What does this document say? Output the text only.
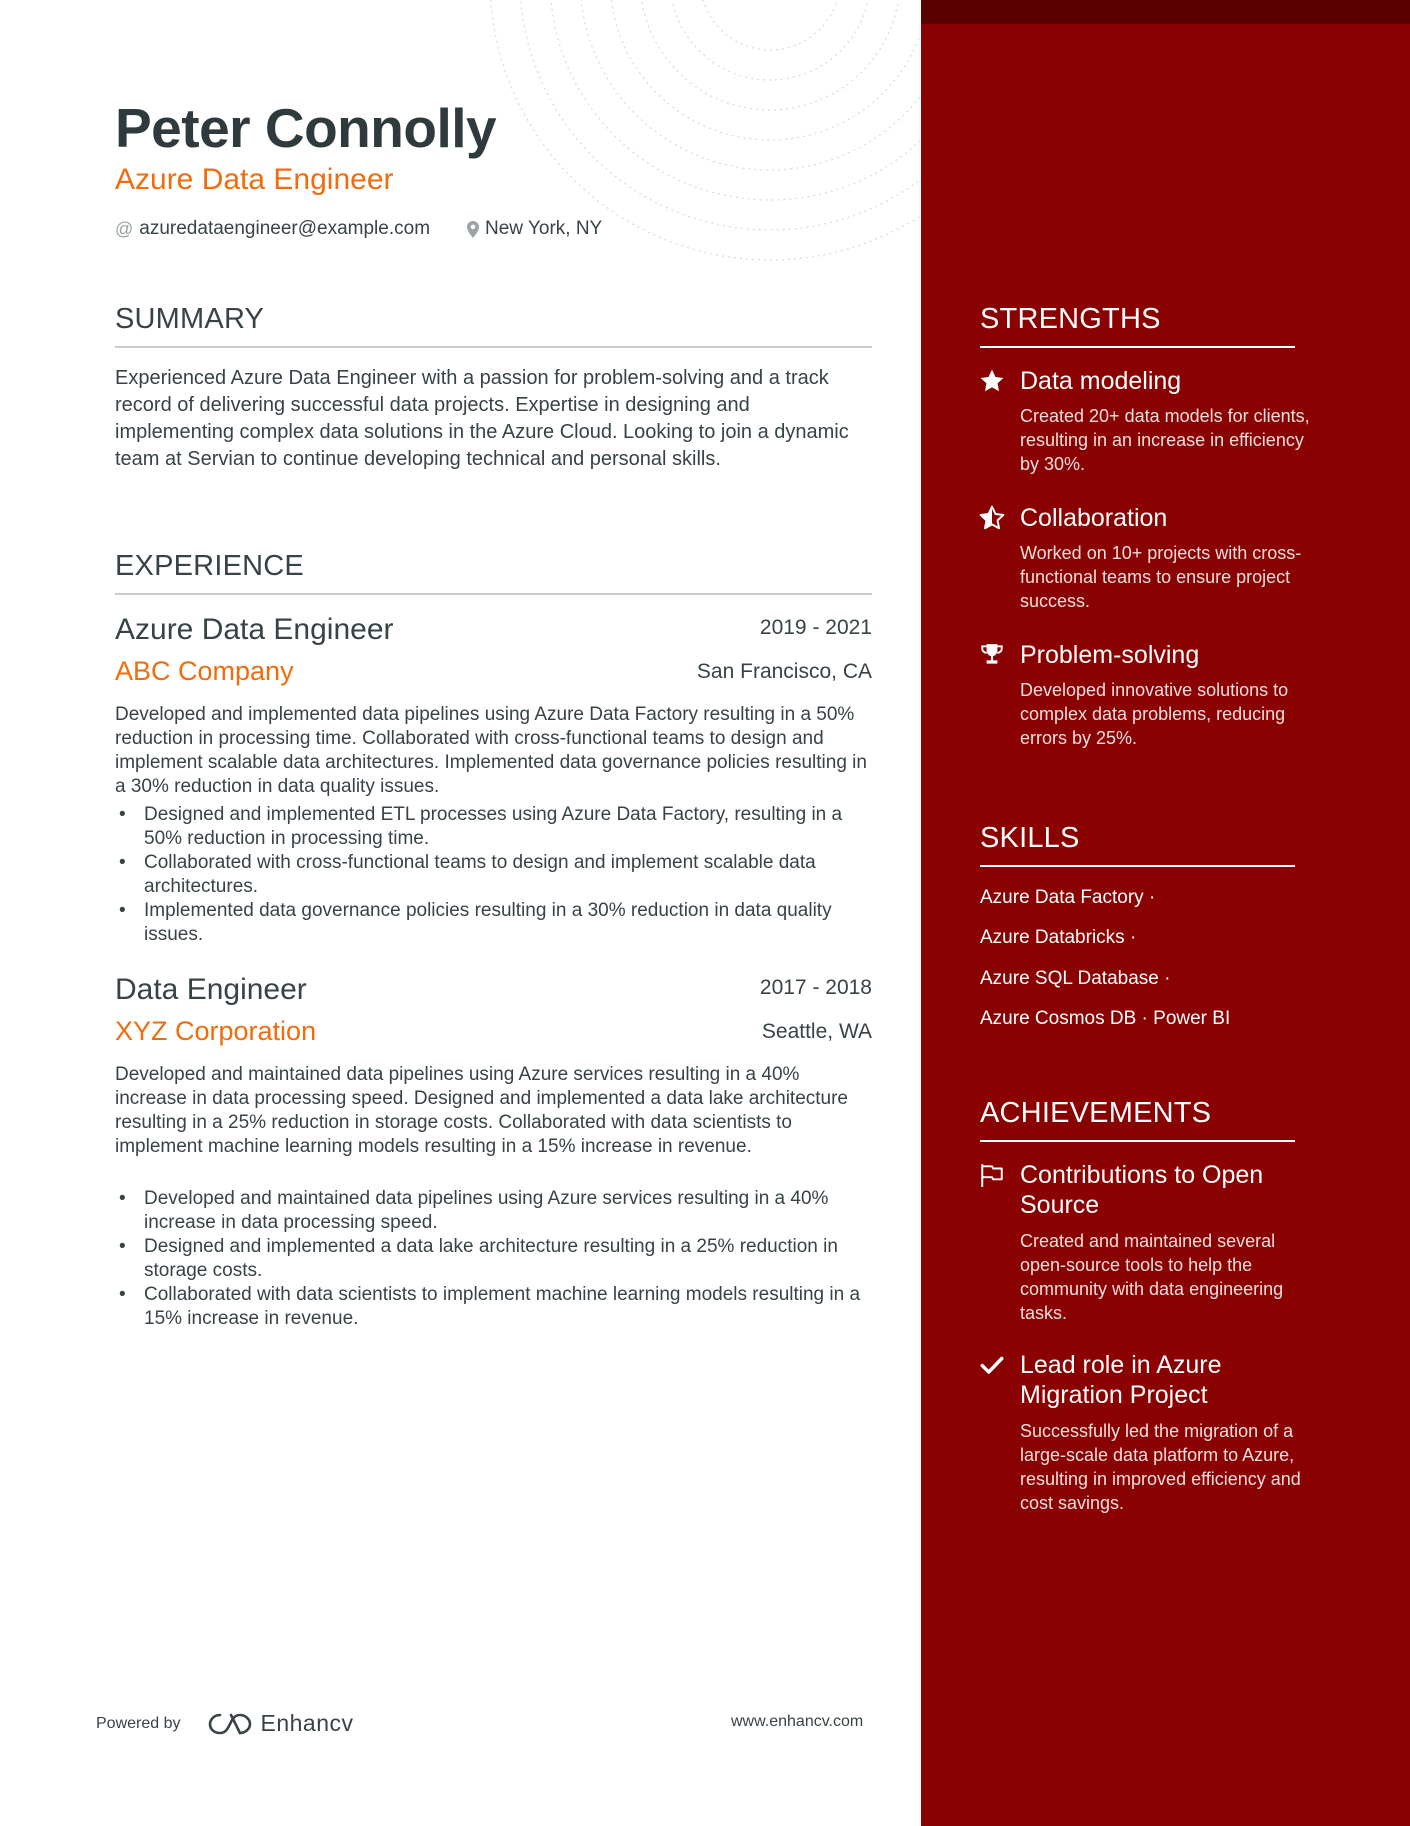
Peter Connolly
Azure Data Engineer
@ azuredataengineer@example.com	New York, NY
SUMMARY
Experienced Azure Data Engineer with a passion for problem-solving and a track record of delivering successful data projects. Expertise in designing and implementing complex data solutions in the Azure Cloud. Looking to join a dynamic team at Servian to continue developing technical and personal skills.
EXPERIENCE
Azure Data Engineer	2019 - 2021
ABC Company	San Francisco, CA
Developed and implemented data pipelines using Azure Data Factory resulting in a 50% reduction in processing time. Collaborated with cross-functional teams to design and implement scalable data architectures. Implemented data governance policies resulting in a 30% reduction in data quality issues.
• Designed and implemented ETL processes using Azure Data Factory, resulting in a 50% reduction in processing time.
• Collaborated with cross-functional teams to design and implement scalable data architectures.
• Implemented data governance policies resulting in a 30% reduction in data quality issues.
Data Engineer	2017 - 2018
XYZ Corporation	Seattle, WA
Developed and maintained data pipelines using Azure services resulting in a 40% increase in data processing speed. Designed and implemented a data lake architecture resulting in a 25% reduction in storage costs. Collaborated with data scientists to implement machine learning models resulting in a 15% increase in revenue.
• Developed and maintained data pipelines using Azure services resulting in a 40% increase in data processing speed.
• Designed and implemented a data lake architecture resulting in a 25% reduction in storage costs.
• Collaborated with data scientists to implement machine learning models resulting in a 15% increase in revenue.
Powered by	Enhancv	www.enhancv.com
STRENGTHS
Data modeling
Created 20+ data models for clients, resulting in an increase in efficiency by 30%.
Collaboration
Worked on 10+ projects with cross-functional teams to ensure project success.
Problem-solving
Developed innovative solutions to complex data problems, reducing errors by 25%.
SKILLS
Azure Data Factory ·
Azure Databricks ·
Azure SQL Database ·
Azure Cosmos DB · Power BI
ACHIEVEMENTS
Contributions to Open Source
Created and maintained several open-source tools to help the community with data engineering tasks.
Lead role in Azure Migration Project
Successfully led the migration of a large-scale data platform to Azure, resulting in improved efficiency and cost savings.
